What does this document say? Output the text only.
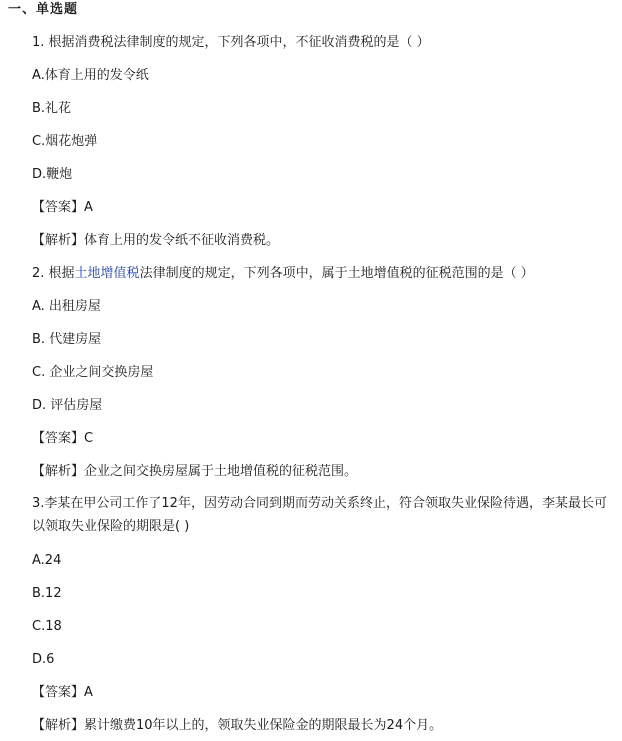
一、单选题
1. 根据消费税法律制度的规定，下列各项中，不征收消费税的是（ ）
A.体育上用的发令纸
B.礼花
C.烟花炮弹
D.鞭炮
【答案】A
【解析】体育上用的发令纸不征收消费税。
2. 根据土地增值税法律制度的规定，下列各项中，属于土地增值税的征税范围的是（ ）
A. 出租房屋
B. 代建房屋
C. 企业之间交换房屋
D. 评估房屋
【答案】C
【解析】企业之间交换房屋属于土地增值税的征税范围。
3.李某在甲公司工作了12年，因劳动合同到期而劳动关系终止，符合领取失业保险待遇，李某最长可以领取失业保险的期限是( )
A.24
B.12
C.18
D.6
【答案】A
【解析】累计缴费10年以上的，领取失业保险金的期限最长为24个月。
